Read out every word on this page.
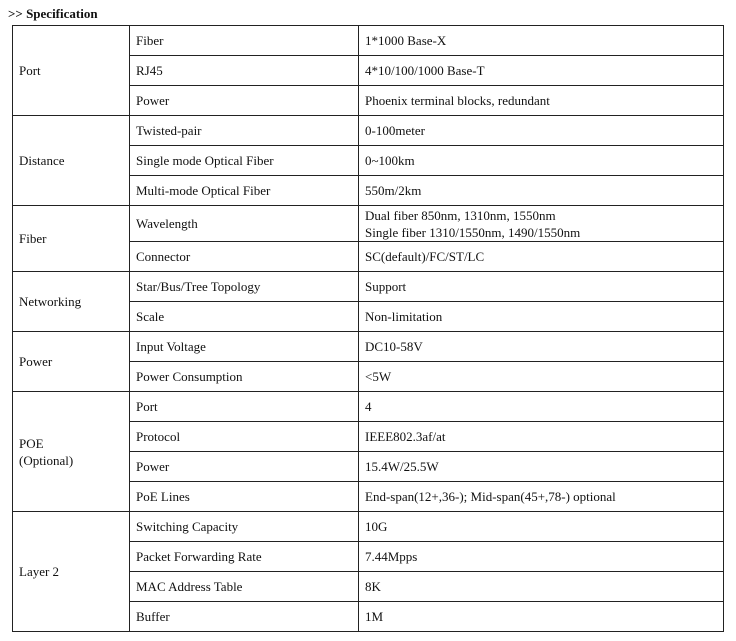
>> Specification
Port	Fiber	1*1000 Base-X
	RJ45	4*10/100/1000 Base-T
	Power	Phoenix terminal blocks, redundant
Distance	Twisted-pair	0-100meter
	Single mode Optical Fiber	0~100km
	Multi-mode Optical Fiber	550m/2km
Fiber	Wavelength	Dual fiber 850nm, 1310nm, 1550nm
Single fiber 1310/1550nm, 1490/1550nm

	Connector	SC(default)/FC/ST/LC
Networking	Star/Bus/Tree Topology	Support
	Scale	Non-limitation
Power	Input Voltage	DC10-58V
	Power Consumption	<5W

POE
(Optional)	Port	4
	Protocol	IEEE802.3af/at
	Power	15.4W/25.5W
	PoE Lines	End-span(12+,36-); Mid-span(45+,78-) optional
Layer 2	Switching Capacity	10G
	Packet Forwarding Rate	7.44Mpps
	MAC Address Table	8K
	Buffer	1M
